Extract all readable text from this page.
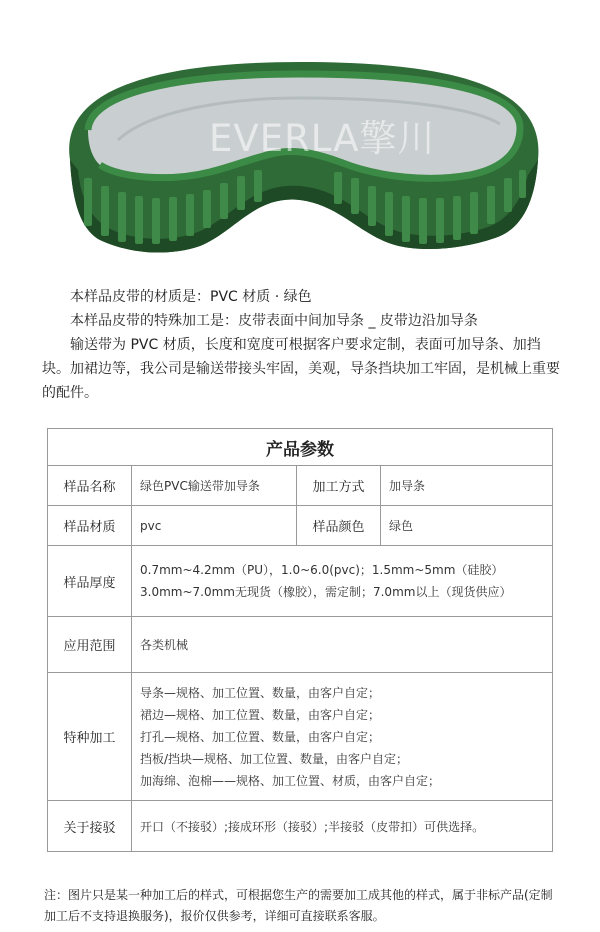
EVERLA擎川

本样品皮带的材质是：PVC 材质 · 绿色

本样品皮带的特殊加工是：皮带表面中间加导条 _ 皮带边沿加导条

输送带为 PVC 材质，长度和宽度可根据客户要求定制，表面可加导条、加挡块。加裙边等，我公司是输送带接头牢固，美观，导条挡块加工牢固，是机械上重要的配件。

产品参数			
样品名称	绿色PVC输送带加导条	加工方式	加导条
样品材质	pvc	样品颜色	绿色
样品厚度	0.7mm~4.2mm（PU），1.0~6.0(pvc)；1.5mm~5mm（硅胶）
3.0mm~7.0mm无现货（橡胶），需定制；7.0mm以上（现货供应）		

应用范围	各类机械		
特种加工	导条—规格、加工位置、数量，由客户自定；
裙边—规格、加工位置、数量，由客户自定；
打孔—规格、加工位置、数量，由客户自定；
挡板/挡块—规格、加工位置、数量，由客户自定；
加海绵、泡棉——规格、加工位置、材质，由客户自定；		

关于接驳	开口（不接驳）;接成环形（接驳）;半接驳（皮带扣）可供选择。		
注：图片只是某一种加工后的样式，可根据您生产的需要加工成其他的样式，属于非标产品(定制加工后不支持退换服务)，报价仅供参考，详细可直接联系客服。
